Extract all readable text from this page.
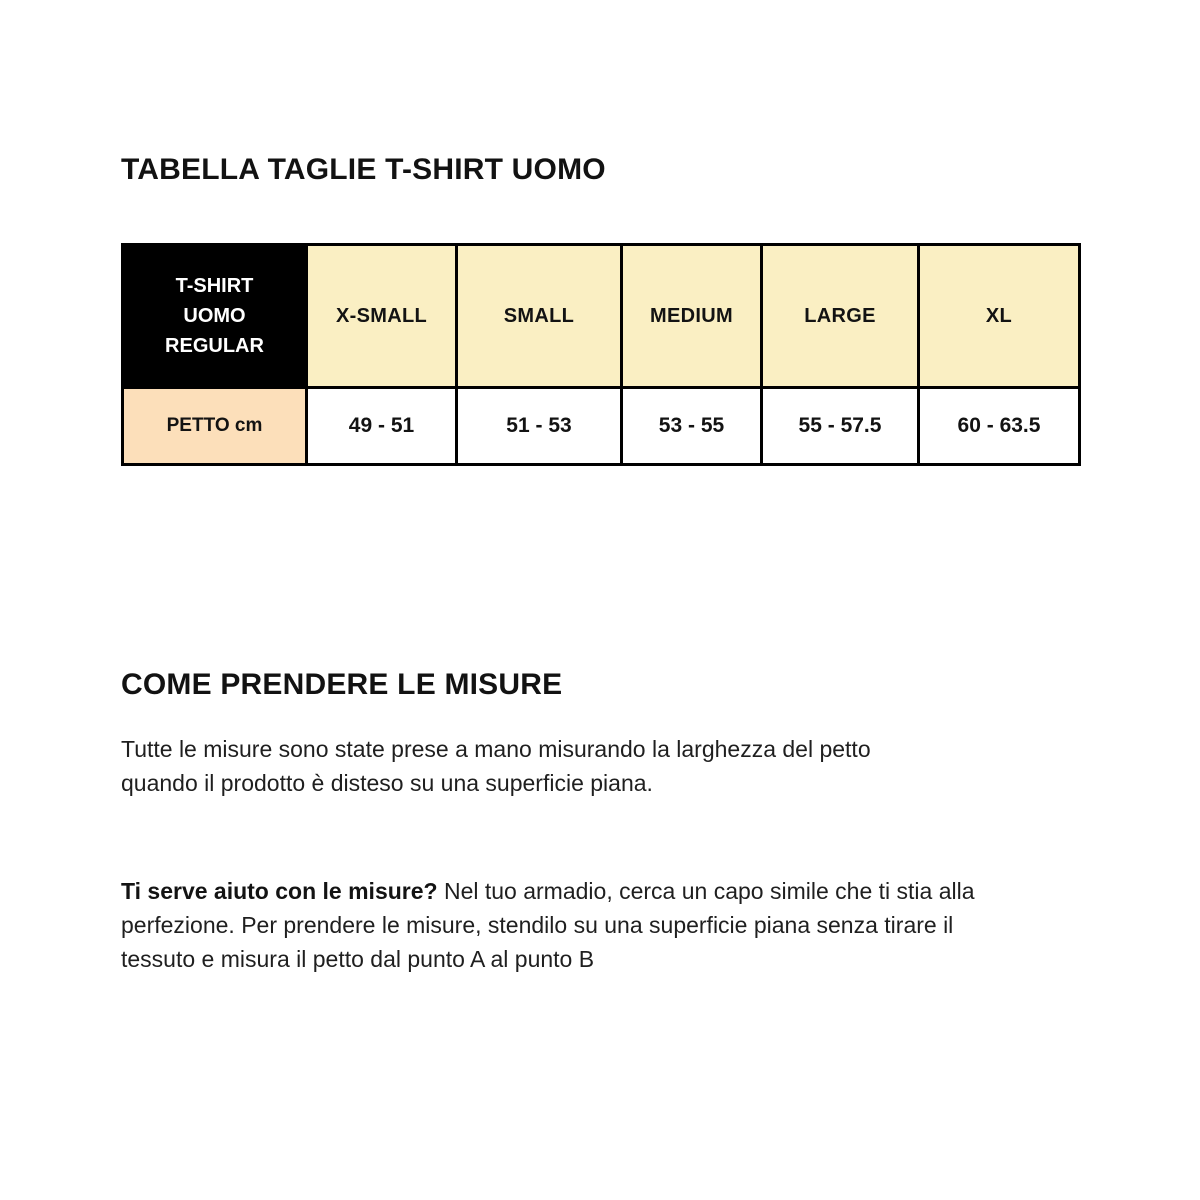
TABELLA TAGLIE T-SHIRT UOMO
T-SHIRT
UOMO
REGULAR	X-SMALL	SMALL	MEDIUM	LARGE	XL
PETTO cm	49 - 51	51 - 53	53 - 55	55 - 57.5	60 - 63.5
COME PRENDERE LE MISURE
Tutte le misure sono state prese a mano misurando la larghezza del petto
quando il prodotto è disteso su una superficie piana.
Ti serve aiuto con le misure? Nel tuo armadio, cerca un capo simile che ti stia alla
perfezione. Per prendere le misure, stendilo su una superficie piana senza tirare il
tessuto e misura il petto dal punto A al punto B
